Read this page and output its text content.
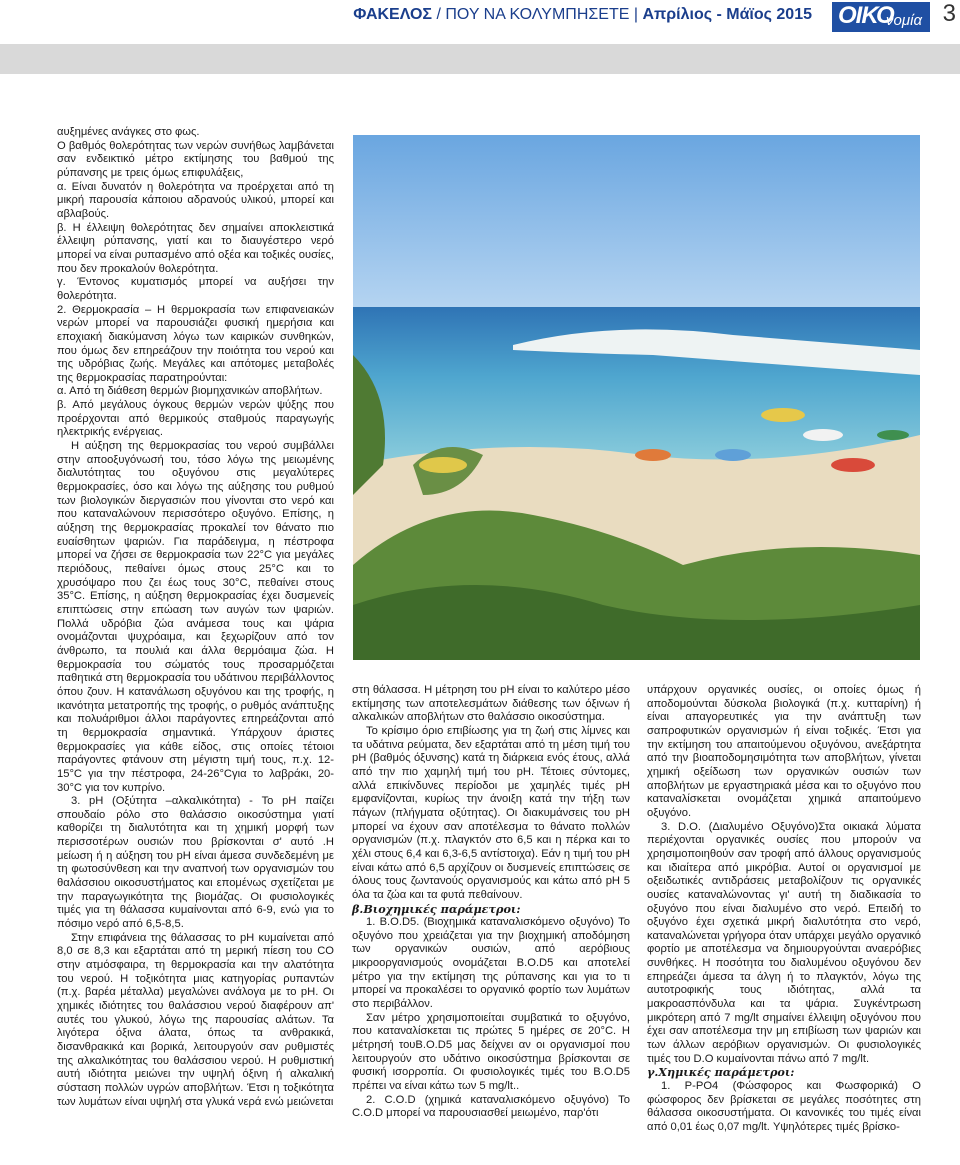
ΦΑΚΕΛΟΣ / ΠΟΥ ΝΑ ΚΟΛΥΜΠΗΣΕΤΕ | Απρίλιος - Μάϊος 2015 ΟΙΚΟ
νομία 3

αυξημένες ανάγκες στο φως.

Ο βαθμός θολερότητας των νερών συνήθως λαμβάνεται σαν ενδεικτικό μέτρο εκτίμησης του βαθμού της ρύπανσης με τρεις όμως επιφυλάξεις,

α. Είναι δυνατόν η θολερότητα να προέρχεται από τη μικρή παρουσία κάποιου αδρανούς υλικού, μπορεί και αβλαβούς.

β. Η έλλειψη θολερότητας δεν σημαίνει αποκλειστικά έλλειψη ρύπανσης, γιατί και το διαυγέστερο νερό μπορεί να είναι ρυπασμένο από οξέα και τοξικές ουσίες, που δεν προκαλούν θολερότητα.

γ. Έντονος κυματισμός μπορεί να αυξήσει την θολερότητα.

2. Θερμοκρασία – Η θερμοκρασία των επιφανειακών νερών μπορεί να παρουσιάζει φυσική ημερήσια και εποχιακή διακύμανση λόγω των καιρικών συνθηκών, που όμως δεν επηρεάζουν την ποιότητα του νερού και της υδρόβιας ζωής. Μεγάλες και απότομες μεταβολές της θερμοκρασίας παρατηρούνται:

α. Από τη διάθεση θερμών βιομηχανικών αποβλήτων.

β. Από μεγάλους όγκους θερμών νερών ψύξης που προέρχονται από θερμικούς σταθμούς παραγωγής ηλεκτρικής ενέργειας.

Η αύξηση της θερμοκρασίας του νερού συμβάλλει στην αποοξυγόνωσή του, τόσο λόγω της μειωμένης διαλυτότητας του οξυγόνου στις μεγαλύτερες θερμοκρασίες, όσο και λόγω της αύξησης του ρυθμού των βιολογικών διεργασιών που γίνονται στο νερό και που καταναλώνουν περισσότερο οξυγόνο. Επίσης, η αύξηση της θερμοκρασίας προκαλεί τον θάνατο πιο ευαίσθητων ψαριών. Για παράδειγμα, η πέστροφα μπορεί να ζήσει σε θερμοκρασία των 22°C για μεγάλες περιόδους, πεθαίνει όμως στους 25°C και το χρυσόψαρο που ζει έως τους 30°C, πεθαίνει στους 35°C. Επίσης, η αύξηση θερμοκρασίας έχει δυσμενείς επιπτώσεις στην επώαση των αυγών των ψαριών. Πολλά υδρόβια ζώα ανάμεσα τους και ψάρια ονομάζονται ψυχρόαιμα, και ξεχωρίζουν από τον άνθρωπο, τα πουλιά και άλλα θερμόαιμα ζώα. Η θερμοκρασία του σώματός τους προσαρμόζεται παθητικά στη θερμοκρασία του υδάτινου περιβάλλοντος όπου ζουν. Η κατανάλωση οξυγόνου και της τροφής, η ικανότητα μετατροπής της τροφής, ο ρυθμός ανάπτυξης και πολυάριθμοι άλλοι παράγοντες επηρεάζονται από τη θερμοκρασία σημαντικά. Υπάρχουν άριστες θερμοκρασίες για κάθε είδος, στις οποίες τέτοιοι παράγοντες φτάνουν στη μέγιστη τιμή τους, π.χ. 12-15°C για την πέστροφα, 24-26°Cγια το λαβράκι, 20-30°C για τον κυπρίνο.

3. pH (Οξύτητα –αλκαλικότητα) - Το pH παίζει σπουδαίο ρόλο στο θαλάσσιο οικοσύστημα γιατί καθορίζει τη διαλυτότητα και τη χημική μορφή των περισσοτέρων ουσιών που βρίσκονται σ' αυτό .Η μείωση ή η αύξηση του pH είναι άμεσα συνδεδεμένη με τη φωτοσύνθεση και την αναπνοή των οργανισμών του θαλάσσιου οικοσυστήματος και επομένως σχετίζεται με την παραγωγικότητα της βιομάζας. Οι φυσιολογικές τιμές για τη θάλασσα κυμαίνονται από 6-9, ενώ για το πόσιμο νερό από 6,5-8,5.

Στην επιφάνεια της θάλασσας το pH κυμαίνεται από 8,0 σε 8,3 και εξαρτάται από τη μερική πίεση του CO στην ατμόσφαιρα, τη θερμοκρασία και την αλατότητα του νερού. Η τοξικότητα μιας κατηγορίας ρυπαντών (π.χ. βαρέα μέταλλα) μεγαλώνει ανάλογα με το pH. Οι χημικές ιδιότητες του θαλάσσιου νερού διαφέρουν απ' αυτές του γλυκού, λόγω της παρουσίας αλάτων. Τα λιγότερα όξινα άλατα, όπως τα ανθρακικά, δισανθρακικά και βορικά, λειτουργούν σαν ρυθμιστές της αλκαλικότητας του θαλάσσιου νερού. Η ρυθμιστική αυτή ιδιότητα μειώνει την υψηλή όξινη ή αλκαλική σύσταση πολλών υγρών αποβλήτων. Έτσι η τοξικότητα των λυμάτων είναι υψηλή στα γλυκά νερά ενώ μειώνεται

στη θάλασσα. Η μέτρηση του pH είναι το καλύτερο μέσο εκτίμησης των αποτελεσμάτων διάθεσης των όξινων ή αλκαλικών αποβλήτων στο θαλάσσιο οικοσύστημα.

Το κρίσιμο όριο επιβίωσης για τη ζωή στις λίμνες και τα υδάτινα ρεύματα, δεν εξαρτάται από τη μέση τιμή του pH (βαθμός όξυνσης) κατά τη διάρκεια ενός έτους, αλλά από την πιο χαμηλή τιμή του pH. Τέτοιες σύντομες, αλλά επικίνδυνες περίοδοι με χαμηλές τιμές pH εμφανίζονται, κυρίως την άνοιξη κατά την τήξη των πάγων (πλήγματα οξύτητας). Οι διακυμάνσεις του pH μπορεί να έχουν σαν αποτέλεσμα το θάνατο πολλών οργανισμών (π.χ. πλαγκτόν στο 6,5 και η πέρκα και το χέλι στους 6,4 και 6,3-6,5 αντίστοιχα). Εάν η τιμή του pH είναι κάτω από 6,5 αρχίζουν οι δυσμενείς επιπτώσεις σε όλους τους ζωντανούς οργανισμούς και κάτω από pH 5 όλα τα ζώα και τα φυτά πεθαίνουν.

β.Βιοχημικές παράμετροι:

1. B.O.D5. (Βιοχημικά καταναλισκόμενο οξυγόνο) Το οξυγόνο που χρειάζεται για την βιοχημική αποδόμηση των οργανικών ουσιών, από αερόβιους μικροοργανισμούς ονομάζεται B.O.D5 και αποτελεί μέτρο για την εκτίμηση της ρύπανσης και για το τι μπορεί να προκαλέσει το οργανικό φορτίο των λυμάτων στο περιβάλλον.

Σαν μέτρο χρησιμοποιείται συμβατικά το οξυγόνο, που καταναλίσκεται τις πρώτες 5 ημέρες σε 20°C. Η μέτρησή τουB.O.D5 μας δείχνει αν οι οργανισμοί που λειτουργούν στο υδάτινο οικοσύστημα βρίσκονται σε φυσική ισορροπία. Οι φυσιολογικές τιμές του B.O.D5 πρέπει να είναι κάτω των 5 mg/lt..

2. C.O.D (χημικά καταναλισκόμενο οξυγόνο) Το C.O.D μπορεί να παρουσιασθεί μειωμένο, παρ'ότι

υπάρχουν οργανικές ουσίες, οι οποίες όμως ή αποδομούνται δύσκολα βιολογικά (π.χ. κυτταρίνη) ή είναι απαγορευτικές για την ανάπτυξη των σαπροφυτικών οργανισμών ή είναι τοξικές. Έτσι για την εκτίμηση του απαιτούμενου οξυγόνου, ανεξάρτητα από την βιοαποδομησιμότητα των αποβλήτων, γίνεται χημική οξείδωση των οργανικών ουσιών των αποβλήτων με εργαστηριακά μέσα και το οξυγόνο που καταναλίσκεται ονομάζεται χημικά απαιτούμενο οξυγόνο.

3. D.O. (Διαλυμένο Οξυγόνο)Στα οικιακά λύματα περιέχονται οργανικές ουσίες που μπορούν να χρησιμοποιηθούν σαν τροφή από άλλους οργανισμούς και ιδιαίτερα από μικρόβια. Αυτοί οι οργανισμοί με οξειδωτικές αντιδράσεις μεταβολίζουν τις οργανικές ουσίες καταναλώνοντας γι' αυτή τη διαδικασία το οξυγόνο που είναι διαλυμένο στο νερό. Επειδή το οξυγόνο έχει σχετικά μικρή διαλυτότητα στο νερό, καταναλώνεται γρήγορα όταν υπάρχει μεγάλο οργανικό φορτίο με αποτέλεσμα να δημιουργούνται αναερόβιες συνθήκες. Η ποσότητα του διαλυμένου οξυγόνου δεν επηρεάζει άμεσα τα άλγη ή το πλαγκτόν, λόγω της αυτοτροφικής τους ιδιότητας, αλλά τα μακροασπόνδυλα και τα ψάρια. Συγκέντρωση μικρότερη από 7 mg/lt σημαίνει έλλειψη οξυγόνου που έχει σαν αποτέλεσμα την μη επιβίωση των ψαριών και των άλλων αερόβιων οργανισμών. Οι φυσιολογικές τιμές του D.O κυμαίνονται πάνω από 7 mg/lt.

γ.Χημικές παράμετροι:

1. P-PO4 (Φώσφορος και Φωσφορικά) Ο φώσφορος δεν βρίσκεται σε μεγάλες ποσότητες στη θάλασσα οικοσυστήματα. Οι κανονικές του τιμές είναι από 0,01 έως 0,07 mg/lt. Υψηλότερες τιμές βρίσκο-
